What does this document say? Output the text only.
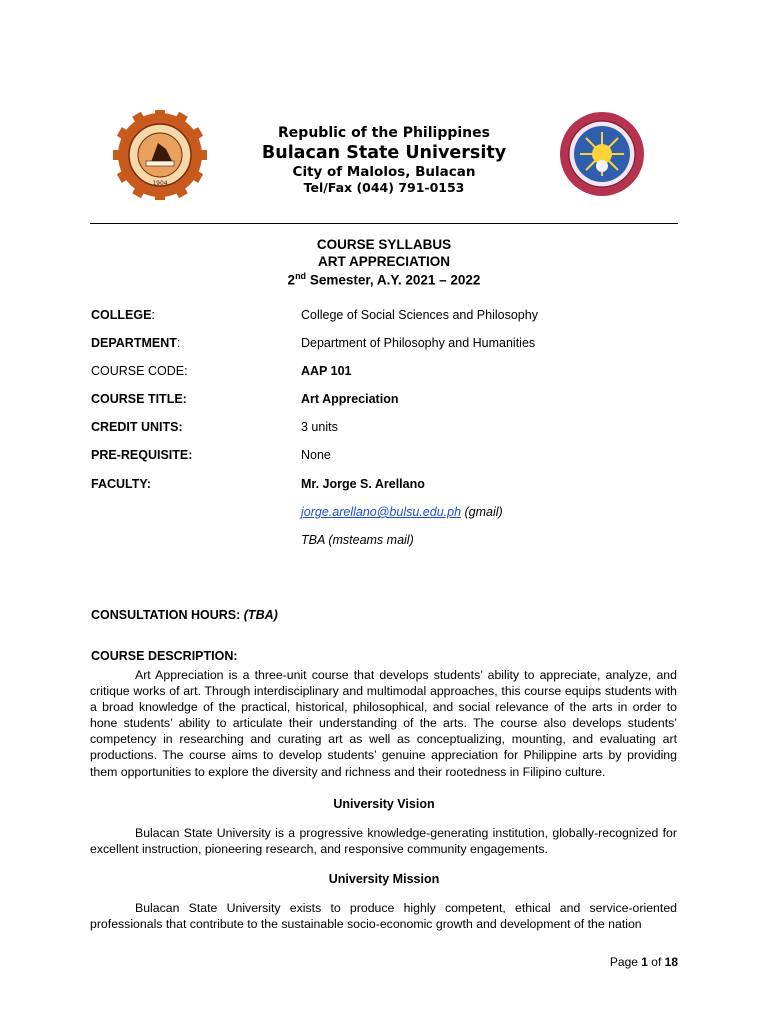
1904
Republic of the Philippines
Bulacan State University
City of Malolos, Bulacan
Tel/Fax (044) 791-0153
COURSE SYLLABUS
ART APPRECIATION
2nd Semester, A.Y. 2021 – 2022
COLLEGE:	College of Social Sciences and Philosophy
DEPARTMENT:	Department of Philosophy and Humanities
COURSE CODE:	AAP 101
COURSE TITLE:	Art Appreciation
CREDIT UNITS:	3 units
PRE-REQUISITE:	None
FACULTY:	Mr. Jorge S. Arellano
jorge.arellano@bulsu.edu.ph (gmail)
TBA (msteams mail)
CONSULTATION HOURS: (TBA)
COURSE DESCRIPTION:
Art Appreciation is a three-unit course that develops students’ ability to appreciate, analyze, and critique works of art. Through interdisciplinary and multimodal approaches, this course equips students with a broad knowledge of the practical, historical, philosophical, and social relevance of the arts in order to hone students’ ability to articulate their understanding of the arts. The course also develops students’ competency in researching and curating art as well as conceptualizing, mounting, and evaluating art productions. The course aims to develop students’ genuine appreciation for Philippine arts by providing them opportunities to explore the diversity and richness and their rootedness in Filipino culture.
University Vision
Bulacan State University is a progressive knowledge-generating institution, globally-recognized for excellent instruction, pioneering research, and responsive community engagements.
University Mission
Bulacan State University exists to produce highly competent, ethical and service-oriented professionals that contribute to the sustainable socio-economic growth and development of the nation
Page 1 of 18
